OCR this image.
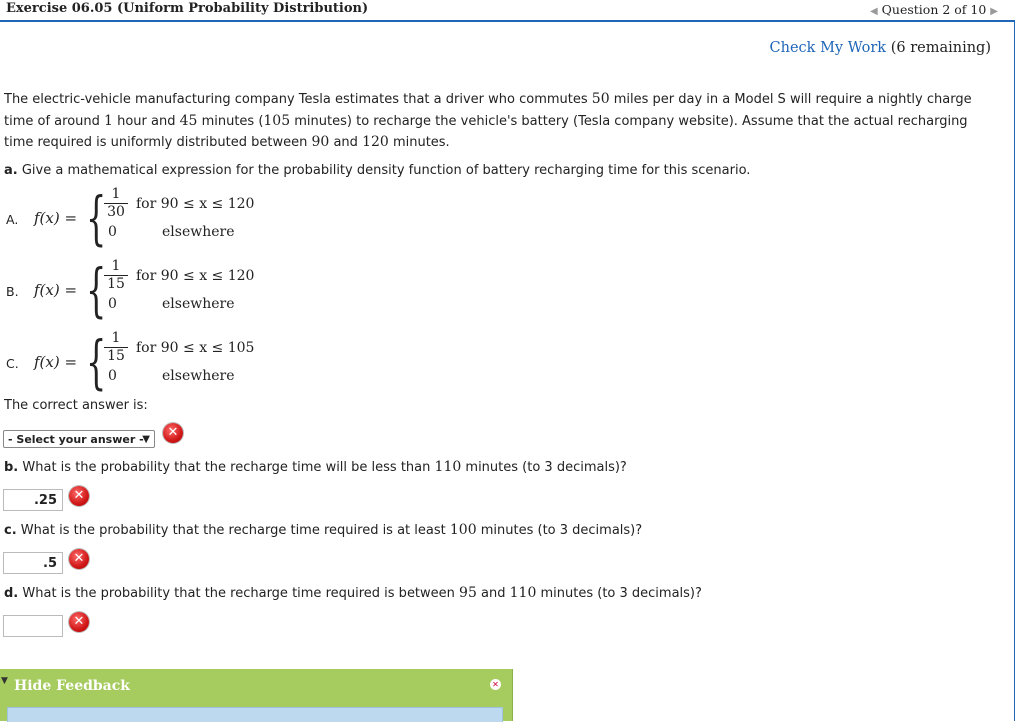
Exercise 06.05 (Uniform Probability Distribution)	◀ Question 2 of 10 ▶
Check My Work (6 remaining)
The electric-vehicle manufacturing company Tesla estimates that a driver who commutes 50 miles per day in a Model S will require a nightly charge time of around 1 hour and 45 minutes (105 minutes) to recharge the vehicle's battery (Tesla company website). Assume that the actual recharging time required is uniformly distributed between 90 and 120 minutes.
a. Give a mathematical expression for the probability density function of battery recharging time for this scenario.
A. f(x) = {
$\frac{1}{30}$
0
for 90 ≤ x ≤ 120
elsewhere
B. f(x) = {
$\frac{1}{15}$
0
for 90 ≤ x ≤ 120
elsewhere
C. f(x) = {
$\frac{1}{15}$
0
for 90 ≤ x ≤ 105
elsewhere
The correct answer is:
- Select your answer -
▼	✕
b. What is the probability that the recharge time will be less than 110 minutes (to 3 decimals)?
.25	✕
c. What is the probability that the recharge time required is at least 100 minutes (to 3 decimals)?
.5	✕
d. What is the probability that the recharge time required is between 95 and 110 minutes (to 3 decimals)?
✕
▼ Hide Feedback	✕
